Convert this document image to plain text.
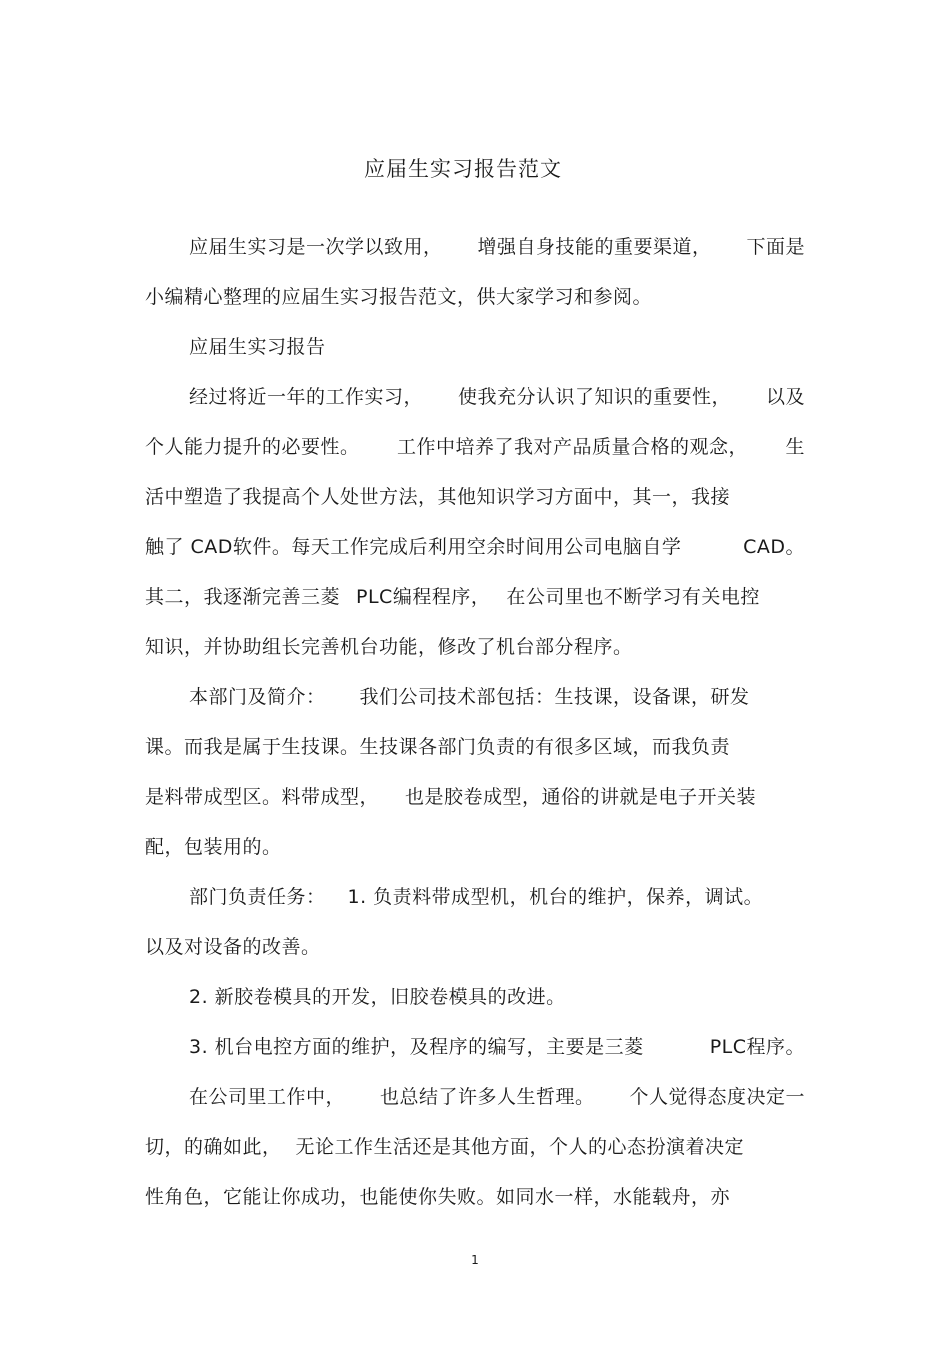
应届生实习报告范文
应届生实习是一次学以致用， 增强自身技能的重要渠道， 下面是
小编精心整理的应届生实习报告范文，供大家学习和参阅。
应届生实习报告
经过将近一年的工作实习， 使我充分认识了知识的重要性， 以及
个人能力提升的必要性。 工作中培养了我对产品质量合格的观念， 生
活中塑造了我提高个人处世方法，其他知识学习方面中，其一，我接
触了 CAD软件。每天工作完成后利用空余时间用公司电脑自学	CAD。
其二，我逐渐完善三菱 PLC编程程序， 在公司里也不断学习有关电控
知识，并协助组长完善机台功能，修改了机台部分程序。
本部门及简介： 我们公司技术部包括：生技课，设备课，研发
课。而我是属于生技课。生技课各部门负责的有很多区域，而我负责
是料带成型区。料带成型， 也是胶卷成型，通俗的讲就是电子开关装
配，包装用的。
部门负责任务： 1. 负责料带成型机，机台的维护，保养，调试。
以及对设备的改善。
2. 新胶卷模具的开发，旧胶卷模具的改进。
3. 机台电控方面的维护，及程序的编写，主要是三菱	PLC程序。
在公司里工作中， 也总结了许多人生哲理。 个人觉得态度决定一
切，的确如此， 无论工作生活还是其他方面，个人的心态扮演着决定
性角色，它能让你成功，也能使你失败。如同水一样，水能载舟，亦
1
